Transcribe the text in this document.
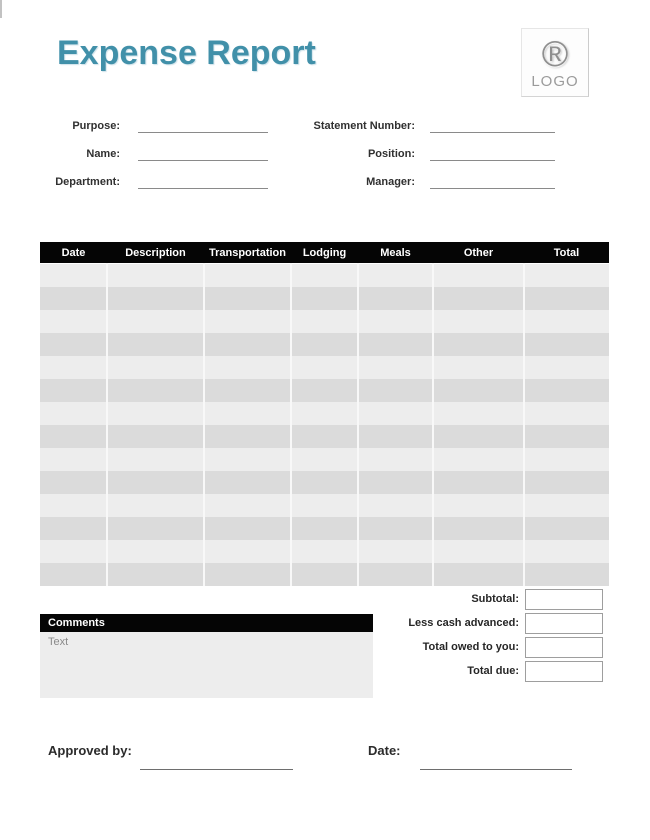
Expense Report	®
LOGO
Purpose:
Name:
Department:
Statement Number:
Position:
Manager:
Date	Description	Transportation	Lodging	Meals	Other	Total

Subtotal:
Less cash advanced:
Total owed to you:
Total due:
Comments
Text
Approved by:	Date:
